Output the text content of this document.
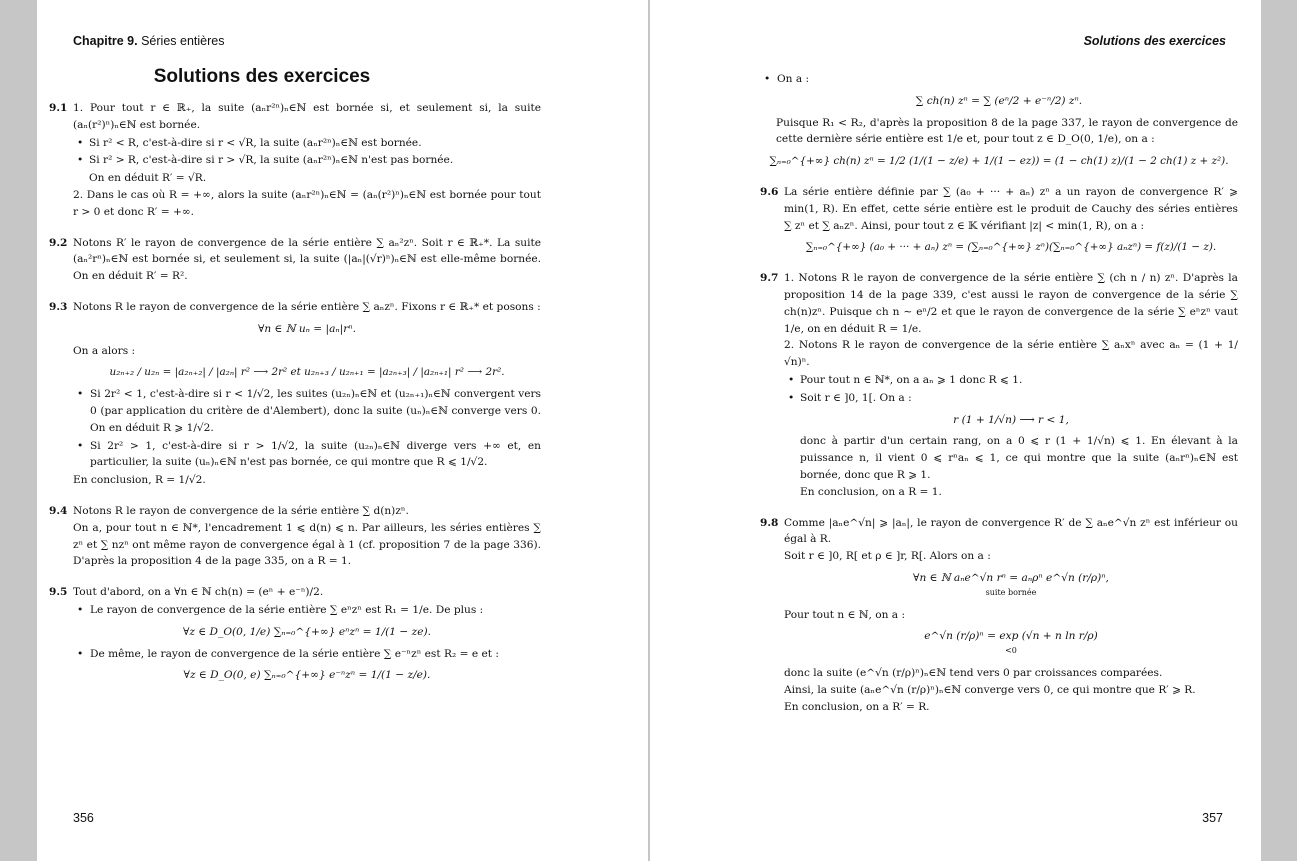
Chapitre 9. Séries entières
Solutions des exercices
9.1 1. Pour tout r ∈ ℝ₊, la suite (aₙr²ⁿ)ₙ∈ℕ est bornée si, et seulement si, la suite (aₙ(r²)ⁿ)ₙ∈ℕ est bornée.

• Si r² < R, c'est-à-dire si r < √R, la suite (aₙr²ⁿ)ₙ∈ℕ est bornée.
• Si r² > R, c'est-à-dire si r > √R, la suite (aₙr²ⁿ)ₙ∈ℕ n'est pas bornée.

On en déduit R′ = √R.

2. Dans le cas où R = +∞, alors la suite (aₙr²ⁿ)ₙ∈ℕ = (aₙ(r²)ⁿ)ₙ∈ℕ est bornée pour tout r > 0 et donc R′ = +∞.

9.2 Notons R′ le rayon de convergence de la série entière ∑ aₙ²zⁿ. Soit r ∈ ℝ₊*. La suite (aₙ²rⁿ)ₙ∈ℕ est bornée si, et seulement si, la suite (|aₙ|(√r)ⁿ)ₙ∈ℕ est elle-même bornée. On en déduit R′ = R².

9.3 Notons R le rayon de convergence de la série entière ∑ aₙzⁿ. Fixons r ∈ ℝ₊* et posons :

∀n ∈ ℕ uₙ = |aₙ|rⁿ.

On a alors :

u₂ₙ₊₂ / u₂ₙ = |a₂ₙ₊₂| / |a₂ₙ| r² ⟶ 2r² et u₂ₙ₊₃ / u₂ₙ₊₁ = |a₂ₙ₊₃| / |a₂ₙ₊₁| r² ⟶ 2r².
• Si 2r² < 1, c'est-à-dire si r < 1/√2, les suites (u₂ₙ)ₙ∈ℕ et (u₂ₙ₊₁)ₙ∈ℕ convergent vers 0 (par application du critère de d'Alembert), donc la suite (uₙ)ₙ∈ℕ converge vers 0. On en déduit R ⩾ 1/√2.
• Si 2r² > 1, c'est-à-dire si r > 1/√2, la suite (u₂ₙ)ₙ∈ℕ diverge vers +∞ et, en particulier, la suite (uₙ)ₙ∈ℕ n'est pas bornée, ce qui montre que R ⩽ 1/√2.

En conclusion, R = 1/√2.

9.4 Notons R le rayon de convergence de la série entière ∑ d(n)zⁿ.

On a, pour tout n ∈ ℕ*, l'encadrement 1 ⩽ d(n) ⩽ n. Par ailleurs, les séries entières ∑ zⁿ et ∑ nzⁿ ont même rayon de convergence égal à 1 (cf. proposition 7 de la page 336). D'après la proposition 4 de la page 335, on a R = 1.

9.5 Tout d'abord, on a ∀n ∈ ℕ ch(n) = (eⁿ + e⁻ⁿ)/2.

• Le rayon de convergence de la série entière ∑ eⁿzⁿ est R₁ = 1/e. De plus :
∀z ∈ D_O(0, 1/e) ∑ₙ₌₀^{+∞} eⁿzⁿ = 1/(1 − ze).
• De même, le rayon de convergence de la série entière ∑ e⁻ⁿzⁿ est R₂ = e et :
∀z ∈ D_O(0, e) ∑ₙ₌₀^{+∞} e⁻ⁿzⁿ = 1/(1 − z/e).
356
Solutions des exercices
• On a :
∑ ch(n) zⁿ = ∑ (eⁿ/2 + e⁻ⁿ/2) zⁿ.

Puisque R₁ < R₂, d'après la proposition 8 de la page 337, le rayon de convergence de cette dernière série entière est 1/e et, pour tout z ∈ D_O(0, 1/e), on a :

∑ₙ₌₀^{+∞} ch(n) zⁿ = 1/2 (1/(1 − z/e) + 1/(1 − ez)) = (1 − ch(1) z)/(1 − 2 ch(1) z + z²).
9.6 La série entière définie par ∑ (a₀ + ··· + aₙ) zⁿ a un rayon de convergence R′ ⩾ min(1, R). En effet, cette série entière est le produit de Cauchy des séries entières ∑ zⁿ et ∑ aₙzⁿ. Ainsi, pour tout z ∈ 𝕂 vérifiant |z| < min(1, R), on a :

∑ₙ₌₀^{+∞} (a₀ + ··· + aₙ) zⁿ = (∑ₙ₌₀^{+∞} zⁿ)(∑ₙ₌₀^{+∞} aₙzⁿ) = f(z)/(1 − z).
9.7 1. Notons R le rayon de convergence de la série entière ∑ (ch n / n) zⁿ. D'après la proposition 14 de la page 339, c'est aussi le rayon de convergence de la série ∑ ch(n)zⁿ. Puisque ch n ∼ eⁿ/2 et que le rayon de convergence de la série ∑ eⁿzⁿ vaut 1/e, on en déduit R = 1/e.

2. Notons R le rayon de convergence de la série entière ∑ aₙxⁿ avec aₙ = (1 + 1/√n)ⁿ.

• Pour tout n ∈ ℕ*, on a aₙ ⩾ 1 donc R ⩽ 1.
• Soit r ∈ ]0, 1[. On a :
r (1 + 1/√n) ⟶ r < 1,

donc à partir d'un certain rang, on a 0 ⩽ r (1 + 1/√n) ⩽ 1. En élevant à la puissance n, il vient 0 ⩽ rⁿaₙ ⩽ 1, ce qui montre que la suite (aₙrⁿ)ₙ∈ℕ est bornée, donc que R ⩾ 1.

En conclusion, on a R = 1.

9.8 Comme |aₙe^√n| ⩾ |aₙ|, le rayon de convergence R′ de ∑ aₙe^√n zⁿ est inférieur ou égal à R.

Soit r ∈ ]0, R[ et ρ ∈ ]r, R[. Alors on a :

∀n ∈ ℕ aₙe^√n rⁿ = aₙρⁿ e^√n (r/ρ)ⁿ,
suite bornée

Pour tout n ∈ ℕ, on a :

e^√n (r/ρ)ⁿ = exp (√n + n ln r/ρ)
<0

donc la suite (e^√n (r/ρ)ⁿ)ₙ∈ℕ tend vers 0 par croissances comparées.

Ainsi, la suite (aₙe^√n (r/ρ)ⁿ)ₙ∈ℕ converge vers 0, ce qui montre que R′ ⩾ R.

En conclusion, on a R′ = R.

357
